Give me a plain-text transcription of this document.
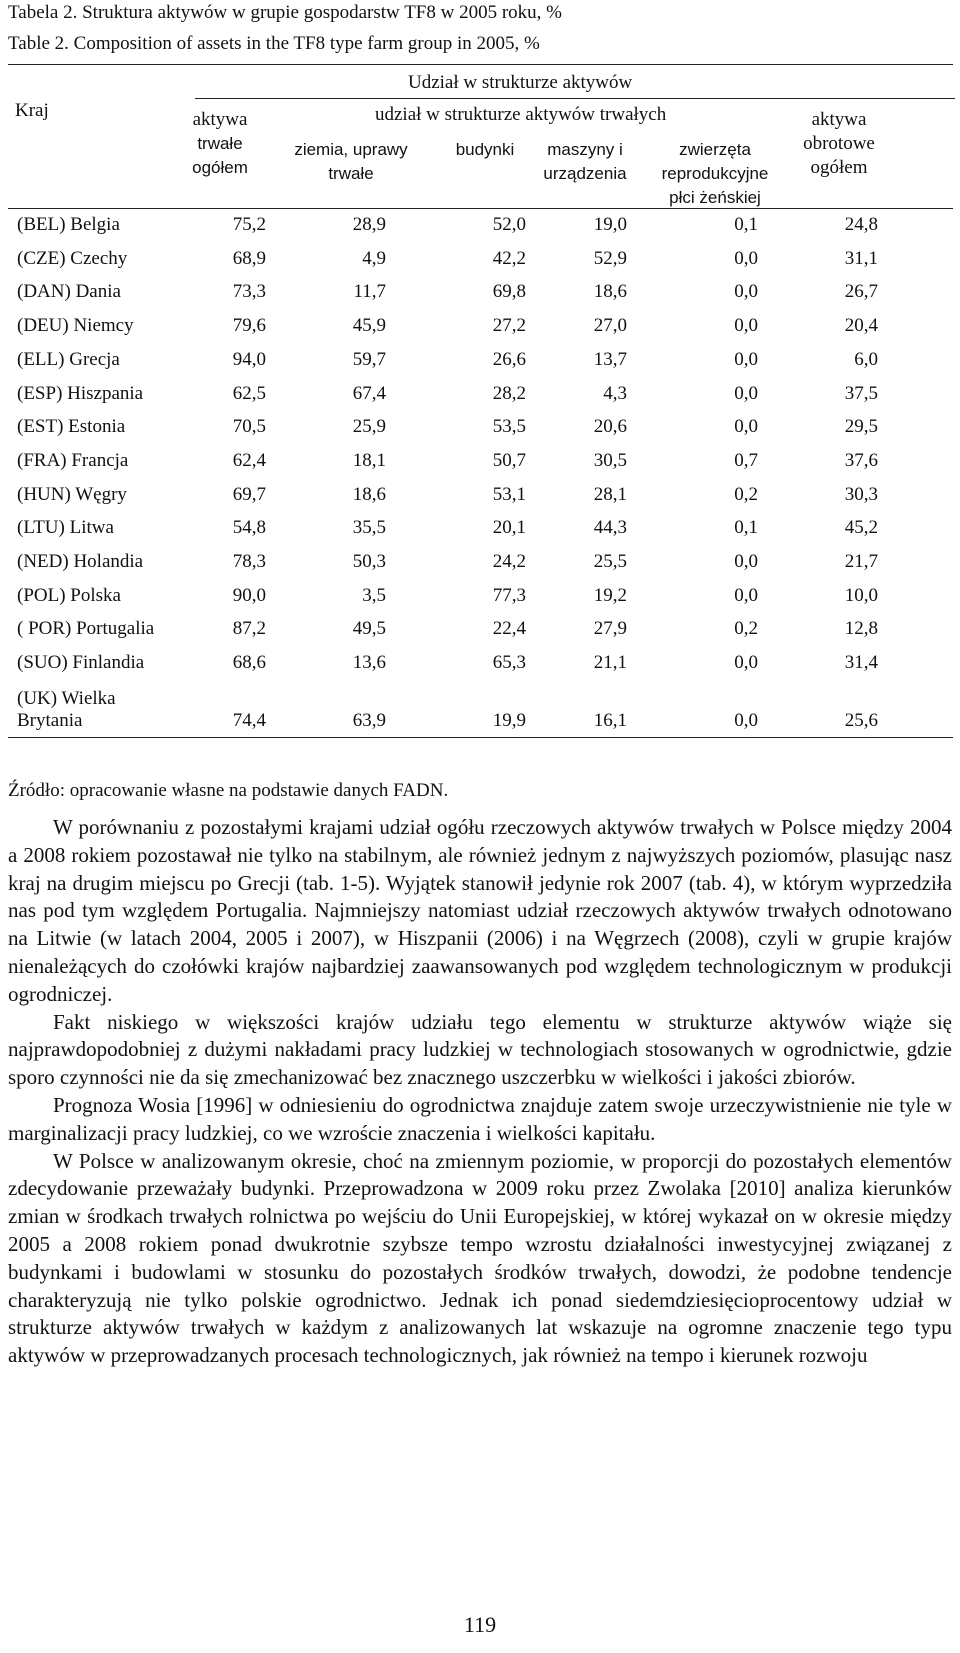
Tabela 2. Struktura aktywów w grupie gospodarstw TF8 w 2005 roku, %
Table 2. Composition of assets in the TF8 type farm group in 2005, %
Kraj
Udział w strukturze aktywów
aktywa
trwałe
ogółem
udział w strukturze aktywów trwałych
ziemia, uprawy
trwałe
budynki	maszyny i
urządzenia
zwierzęta
reprodukcyjne
płci żeńskiej
aktywa
obrotowe
ogółem
(BEL) Belgia	75,2	28,9	52,0	19,0	0,1	24,8
(CZE) Czechy	68,9	4,9	42,2	52,9	0,0	31,1
(DAN) Dania	73,3	11,7	69,8	18,6	0,0	26,7
(DEU) Niemcy	79,6	45,9	27,2	27,0	0,0	20,4
(ELL) Grecja	94,0	59,7	26,6	13,7	0,0	6,0
(ESP) Hiszpania	62,5	67,4	28,2	4,3	0,0	37,5
(EST) Estonia	70,5	25,9	53,5	20,6	0,0	29,5
(FRA) Francja	62,4	18,1	50,7	30,5	0,7	37,6
(HUN) Węgry	69,7	18,6	53,1	28,1	0,2	30,3
(LTU) Litwa	54,8	35,5	20,1	44,3	0,1	45,2
(NED) Holandia	78,3	50,3	24,2	25,5	0,0	21,7
(POL) Polska	90,0	3,5	77,3	19,2	0,0	10,0
( POR) Portugalia	87,2	49,5	22,4	27,9	0,2	12,8
(SUO) Finlandia	68,6	13,6	65,3	21,1	0,0	31,4
(UK) Wielka
Brytania	74,4	63,9	19,9	16,1	0,0	25,6
Źródło: opracowanie własne na podstawie danych FADN.

W porównaniu z pozostałymi krajami udział ogółu rzeczowych aktywów trwałych w Polsce między 2004 a 2008 rokiem pozostawał nie tylko na stabilnym, ale również jednym z najwyższych poziomów, plasując nasz kraj na drugim miejscu po Grecji (tab. 1-5). Wyjątek stanowił jedynie rok 2007 (tab. 4), w którym wyprzedziła nas pod tym względem Portugalia. Najmniejszy natomiast udział rzeczowych aktywów trwałych odnotowano na Litwie (w latach 2004, 2005 i 2007), w Hiszpanii (2006) i na Węgrzech (2008), czyli w grupie krajów nienależących do czołówki krajów najbardziej zaawansowanych pod względem technologicznym w produkcji ogrodniczej.

Fakt niskiego w większości krajów udziału tego elementu w strukturze aktywów wiąże się najprawdopodobniej z dużymi nakładami pracy ludzkiej w technologiach stosowanych w ogrodnictwie, gdzie sporo czynności nie da się zmechanizować bez znacznego uszczerbku w wielkości i jakości zbiorów.

Prognoza Wosia [1996] w odniesieniu do ogrodnictwa znajduje zatem swoje urzeczywistnienie nie tyle w marginalizacji pracy ludzkiej, co we wzroście znaczenia i wielkości kapitału.

W Polsce w analizowanym okresie, choć na zmiennym poziomie, w proporcji do pozostałych elementów zdecydowanie przeważały budynki. Przeprowadzona w 2009 roku przez Zwolaka [2010] analiza kierunków zmian w środkach trwałych rolnictwa po wejściu do Unii Europejskiej, w której wykazał on w okresie między 2005 a 2008 rokiem ponad dwukrotnie szybsze tempo wzrostu działalności inwestycyjnej związanej z budynkami i budowlami w stosunku do pozostałych środków trwałych, dowodzi, że podobne tendencje charakteryzują nie tylko polskie ogrodnictwo. Jednak ich ponad siedemdziesięcioprocentowy udział w strukturze aktywów trwałych w każdym z analizowanych lat wskazuje na ogromne znaczenie tego typu aktywów w przeprowadzanych procesach technologicznych, jak również na tempo i kierunek rozwoju

119
